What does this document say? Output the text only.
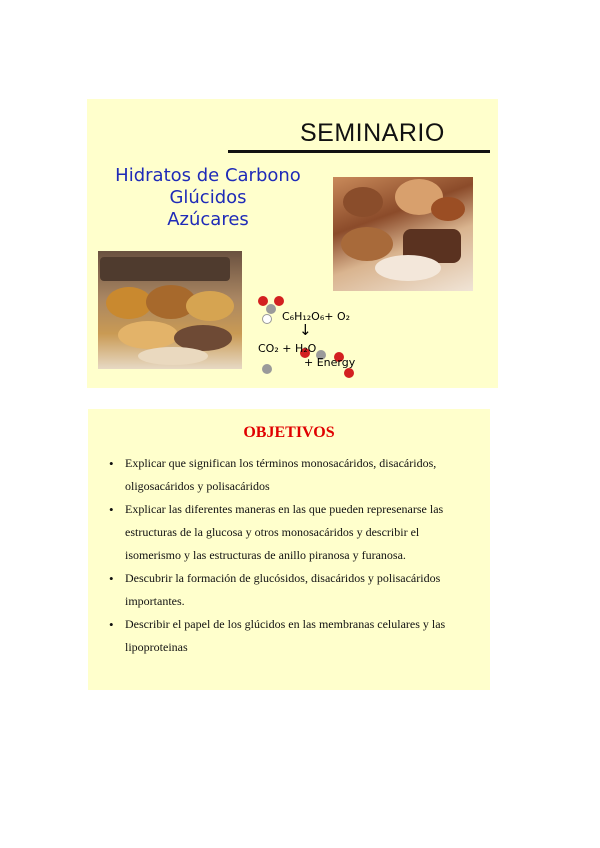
SEMINARIO
Hidratos de Carbono
Glúcidos
Azúcares
C₆H₁₂O₆+ O₂
↓
CO₂ + H₂O
+ Energy
OBJETIVOS
• Explicar que significan los términos monosacáridos, disacáridos, oligosacáridos y polisacáridos
• Explicar las diferentes maneras en las que pueden represenarse las estructuras de la glucosa y otros monosacáridos y describir el isomerismo y las estructuras de anillo piranosa y furanosa.
• Descubrir la formación de glucósidos, disacáridos y polisacáridos importantes.
• Describir el papel de los glúcidos en las membranas celulares y las lipoproteinas
